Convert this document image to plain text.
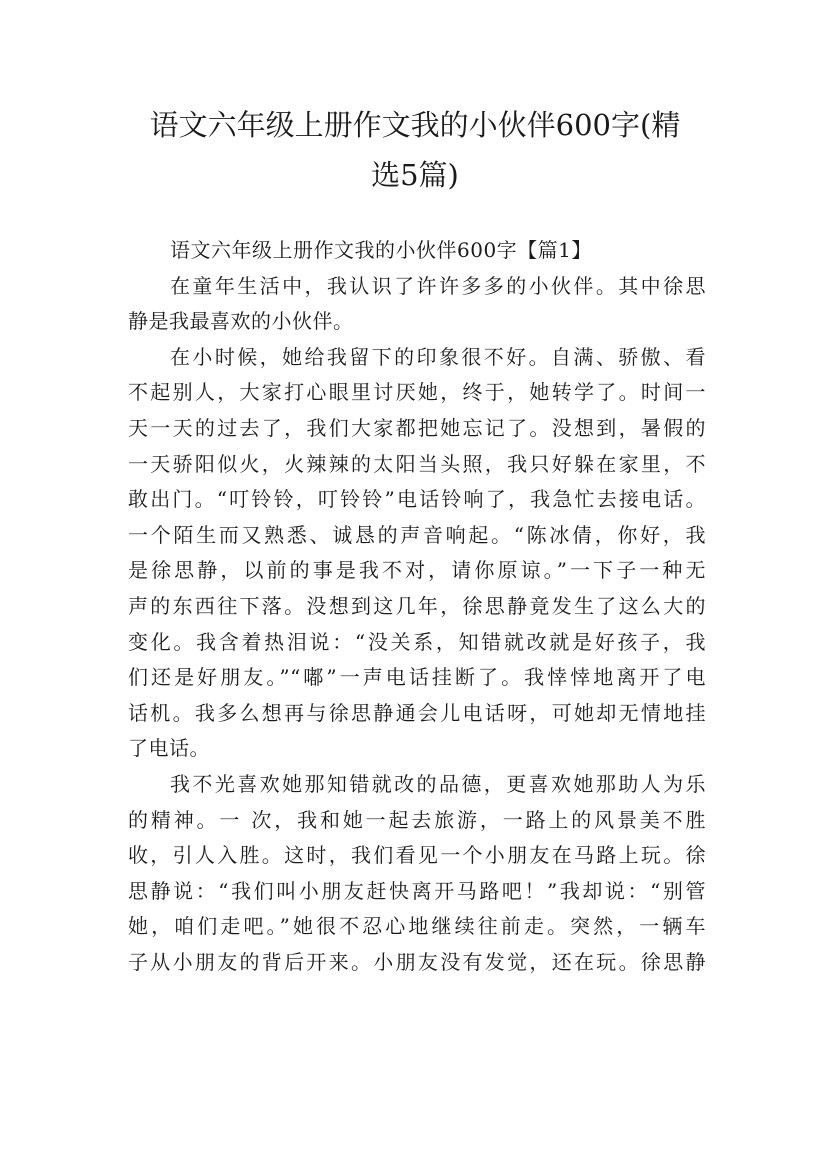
语文六年级上册作文我的小伙伴600字(精
选5篇)
语文六年级上册作文我的小伙伴600字【篇1】
在童年生活中，我认识了许许多多的小伙伴。其中徐思
静是我最喜欢的小伙伴。
在小时候，她给我留下的印象很不好。自满、骄傲、看
不起别人，大家打心眼里讨厌她，终于，她转学了。时间一
天一天的过去了，我们大家都把她忘记了。没想到，暑假的
一天骄阳似火，火辣辣的太阳当头照，我只好躲在家里，不
敢出门。“叮铃铃，叮铃铃”电话铃响了，我急忙去接电话。
一个陌生而又熟悉、诚恳的声音响起。“陈冰倩，你好，我
是徐思静，以前的事是我不对，请你原谅。”一下子一种无
声的东西往下落。没想到这几年，徐思静竟发生了这么大的
变化。我含着热泪说：“没关系，知错就改就是好孩子，我
们还是好朋友。”“嘟”一声电话挂断了。我悻悻地离开了电
话机。我多么想再与徐思静通会儿电话呀，可她却无情地挂
了电话。
我不光喜欢她那知错就改的品德，更喜欢她那助人为乐
的精神。一 次，我和她一起去旅游，一路上的风景美不胜
收，引人入胜。这时，我们看见一个小朋友在马路上玩。徐
思静说：“我们叫小朋友赶快离开马路吧！”我却说：“别管
她，咱们走吧。”她很不忍心地继续往前走。突然，一辆车
子从小朋友的背后开来。小朋友没有发觉，还在玩。徐思静
